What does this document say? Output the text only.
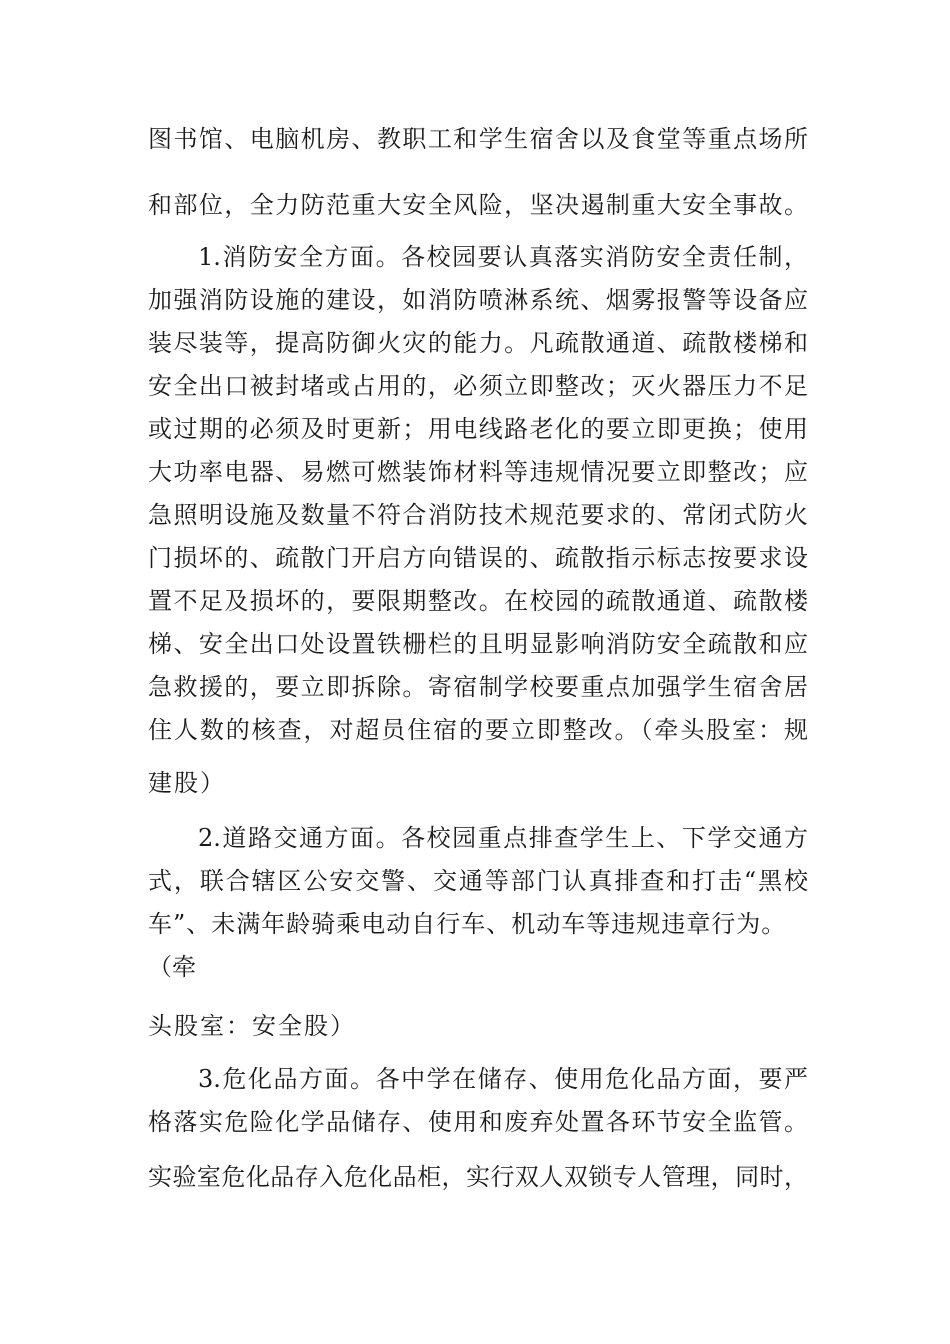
图书馆、电脑机房、教职工和学生宿舍以及食堂等重点场所
和部位，全力防范重大安全风险，坚决遏制重大安全事故。
1.消防安全方面。各校园要认真落实消防安全责任制，
加强消防设施的建设，如消防喷淋系统、烟雾报警等设备应
装尽装等，提高防御火灾的能力。凡疏散通道、疏散楼梯和
安全出口被封堵或占用的，必须立即整改；灭火器压力不足
或过期的必须及时更新；用电线路老化的要立即更换；使用
大功率电器、易燃可燃装饰材料等违规情况要立即整改；应
急照明设施及数量不符合消防技术规范要求的、常闭式防火
门损坏的、疏散门开启方向错误的、疏散指示标志按要求设
置不足及损坏的，要限期整改。在校园的疏散通道、疏散楼
梯、安全出口处设置铁栅栏的且明显影响消防安全疏散和应
急救援的，要立即拆除。寄宿制学校要重点加强学生宿舍居
住人数的核查，对超员住宿的要立即整改。（牵头股室：规
建股）
2.道路交通方面。各校园重点排查学生上、下学交通方
式，联合辖区公安交警、交通等部门认真排查和打击“黑校
车”、未满年龄骑乘电动自行车、机动车等违规违章行为。
（牵
头股室：安全股）
3.危化品方面。各中学在储存、使用危化品方面，要严
格落实危险化学品储存、使用和废弃处置各环节安全监管。
实验室危化品存入危化品柜，实行双人双锁专人管理，同时，
